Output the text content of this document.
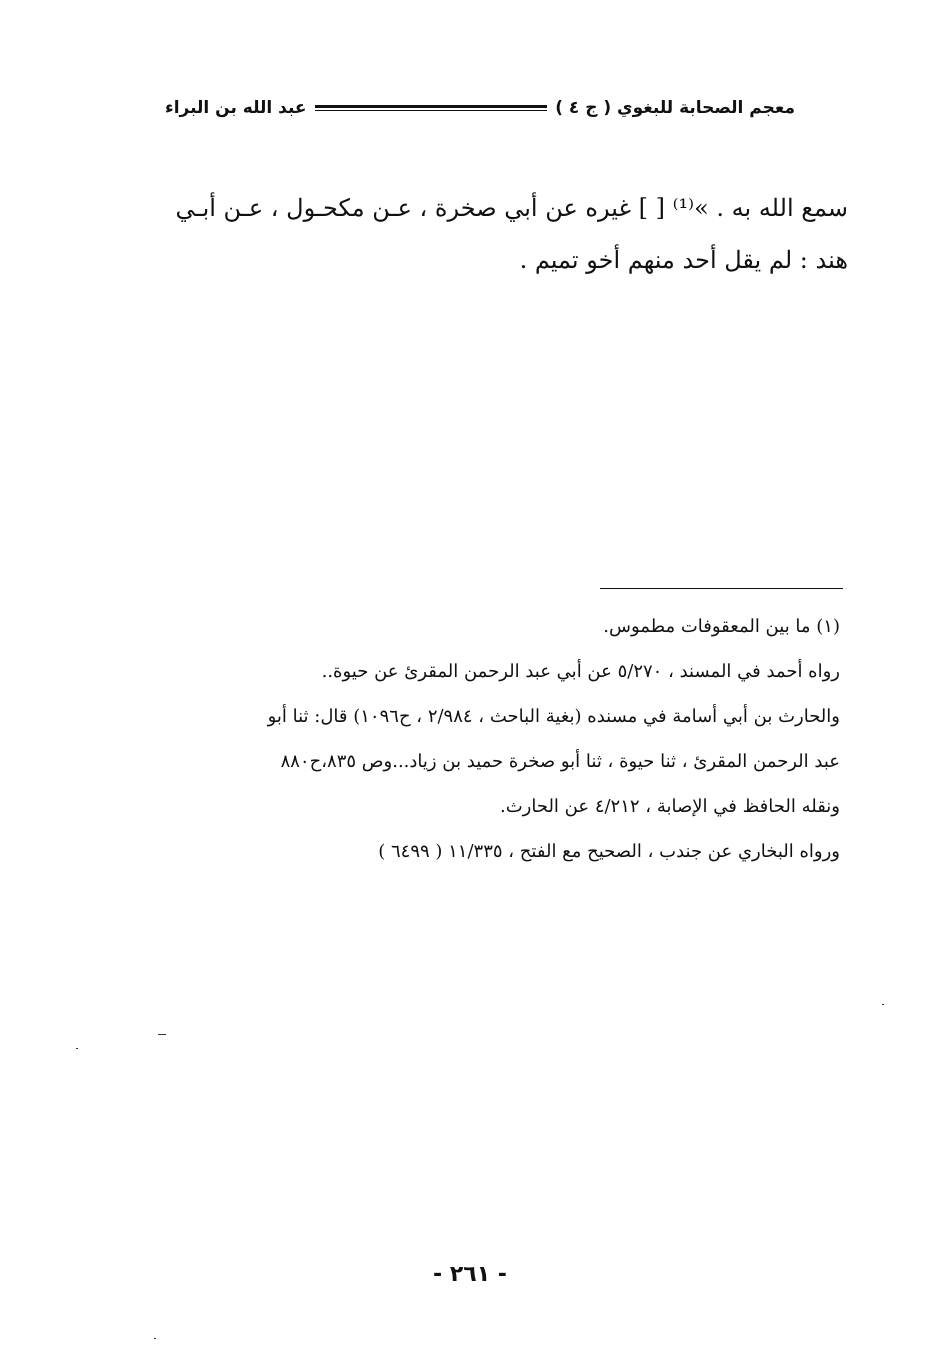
معجم الصحابة للبغوي ( ج ٤ )
عبد الله بن البراء

سمع الله به . »⁽¹⁾ [ ] غيره عن أبي صخرة ، عـن مكحـول ، عـن أبـي

هند : لم يقل أحد منهم أخو تميم .

(١) ما بين المعقوفات مطموس.

رواه أحمد في المسند ، ٥/٢٧٠ عن أبي عبد الرحمن المقرئ عن حيوة..

والحارث بن أبي أسامة في مسنده (بغية الباحث ، ٢/٩٨٤ ، ح١٠٩٦) قال: ثنا أبو

عبد الرحمن المقرئ ، ثنا حيوة ، ثنا أبو صخرة حميد بن زياد...وص ٨٣٥،ح٨٨٠

ونقله الحافظ في الإصابة ، ٤/٢١٢ عن الحارث.

ورواه البخاري عن جندب ، الصحيح مع الفتح ، ١١/٣٣٥ ( ٦٤٩٩ )

- ٢٦١ -
